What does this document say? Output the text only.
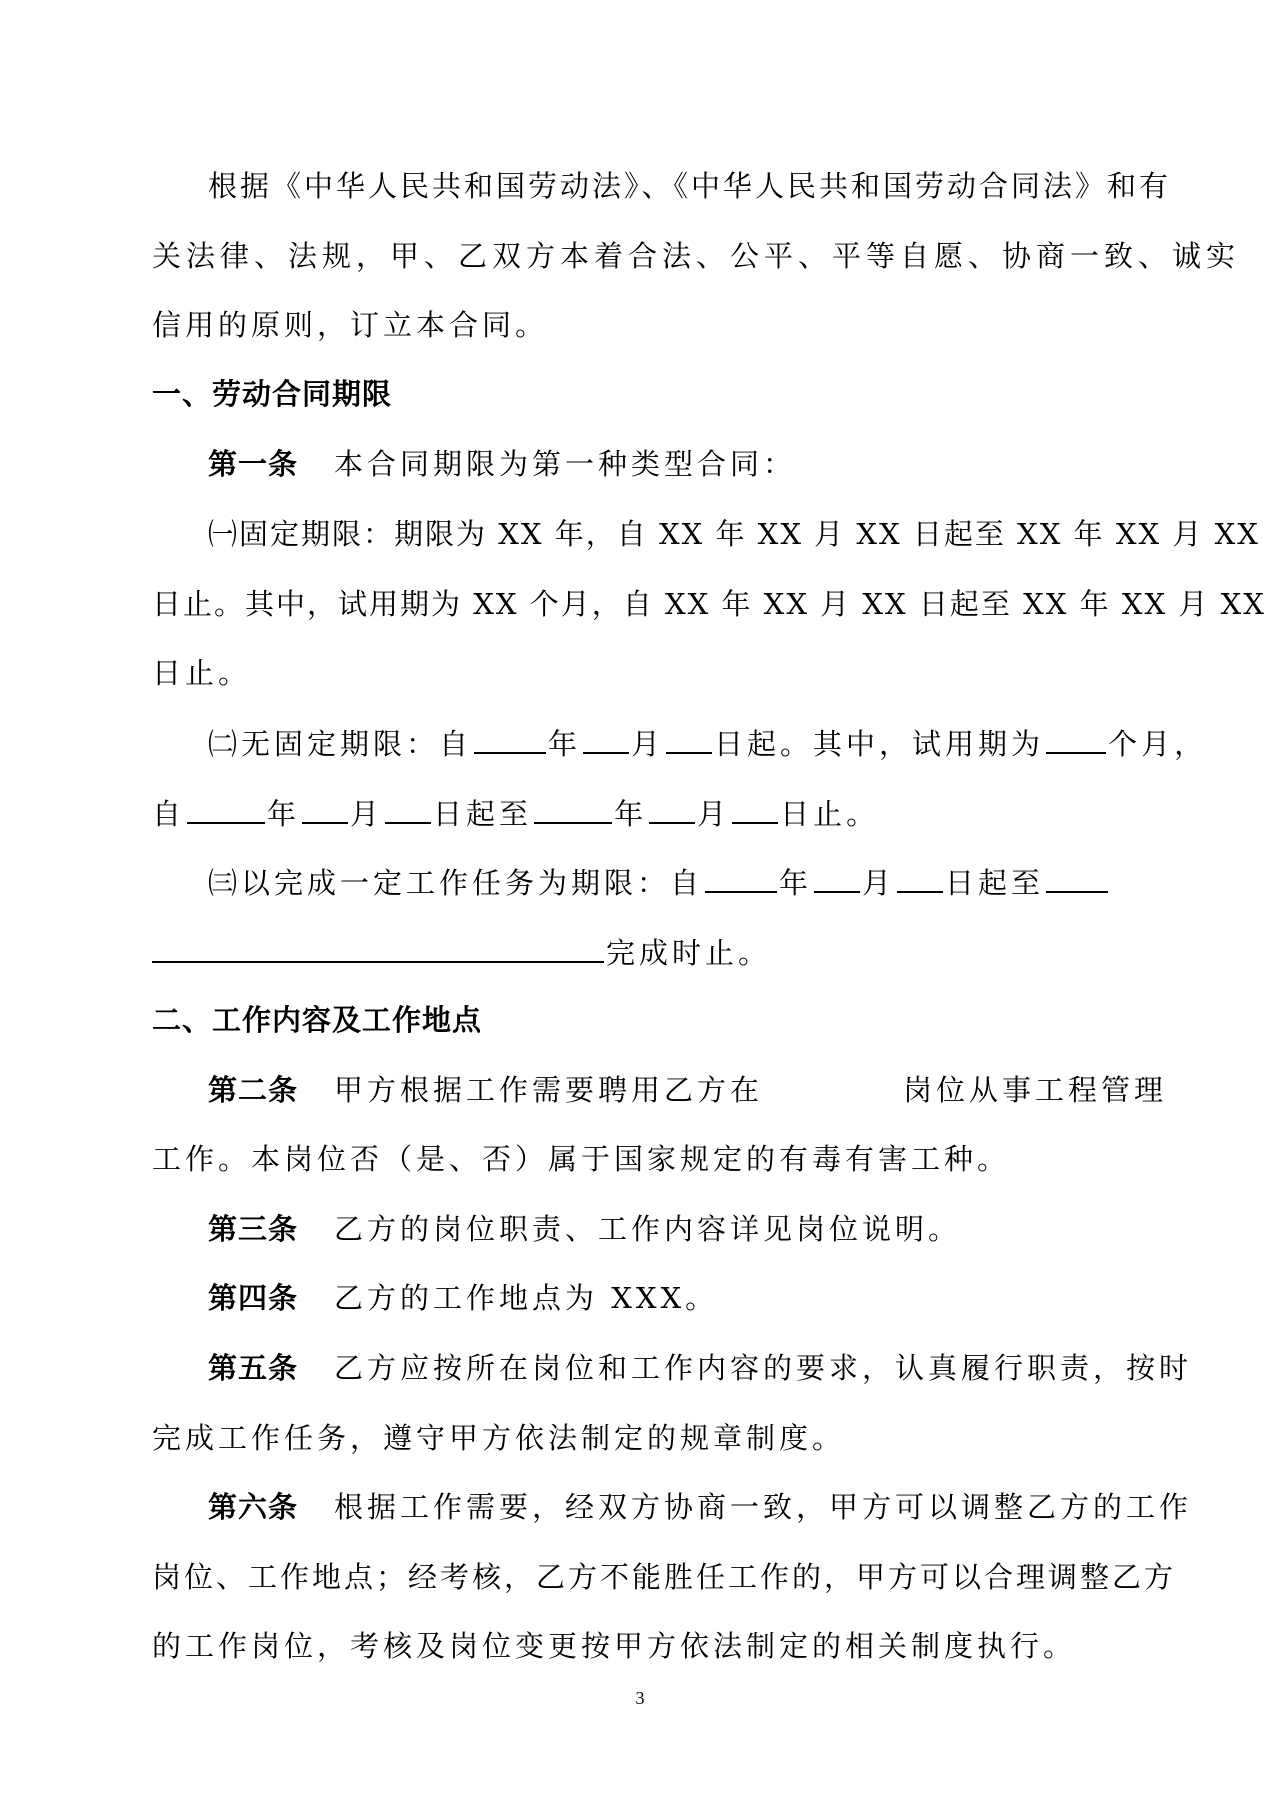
根据《中华人民共和国劳动法》、《中华人民共和国劳动合同法》和有
关法律、法规，甲、乙双方本着合法、公平、平等自愿、协商一致、诚实
信用的原则，订立本合同。
一、劳动合同期限
第一条 本合同期限为第一种类型合同：
㈠固定期限：期限为 XX 年，自 XX 年 XX 月 XX 日起至 XX 年 XX 月 XX
日止。其中，试用期为 XX 个月，自 XX 年 XX 月 XX 日起至 XX 年 XX 月 XX
日止。
㈡无固定期限：自	年 月 日起。其中，试用期为 个月，
自	年 月 日起至	年 月 日止。
㈢以完成一定工作任务为期限：自	年 月 日起至
完成时止。
二、工作内容及工作地点
第二条 甲方根据工作需要聘用乙方在	岗位从事工程管理
工作。本岗位否（是、否）属于国家规定的有毒有害工种。
第三条 乙方的岗位职责、工作内容详见岗位说明。
第四条 乙方的工作地点为 XXX。
第五条 乙方应按所在岗位和工作内容的要求，认真履行职责，按时
完成工作任务，遵守甲方依法制定的规章制度。
第六条 根据工作需要，经双方协商一致，甲方可以调整乙方的工作
岗位、工作地点；经考核，乙方不能胜任工作的，甲方可以合理调整乙方
的工作岗位，考核及岗位变更按甲方依法制定的相关制度执行。
3
